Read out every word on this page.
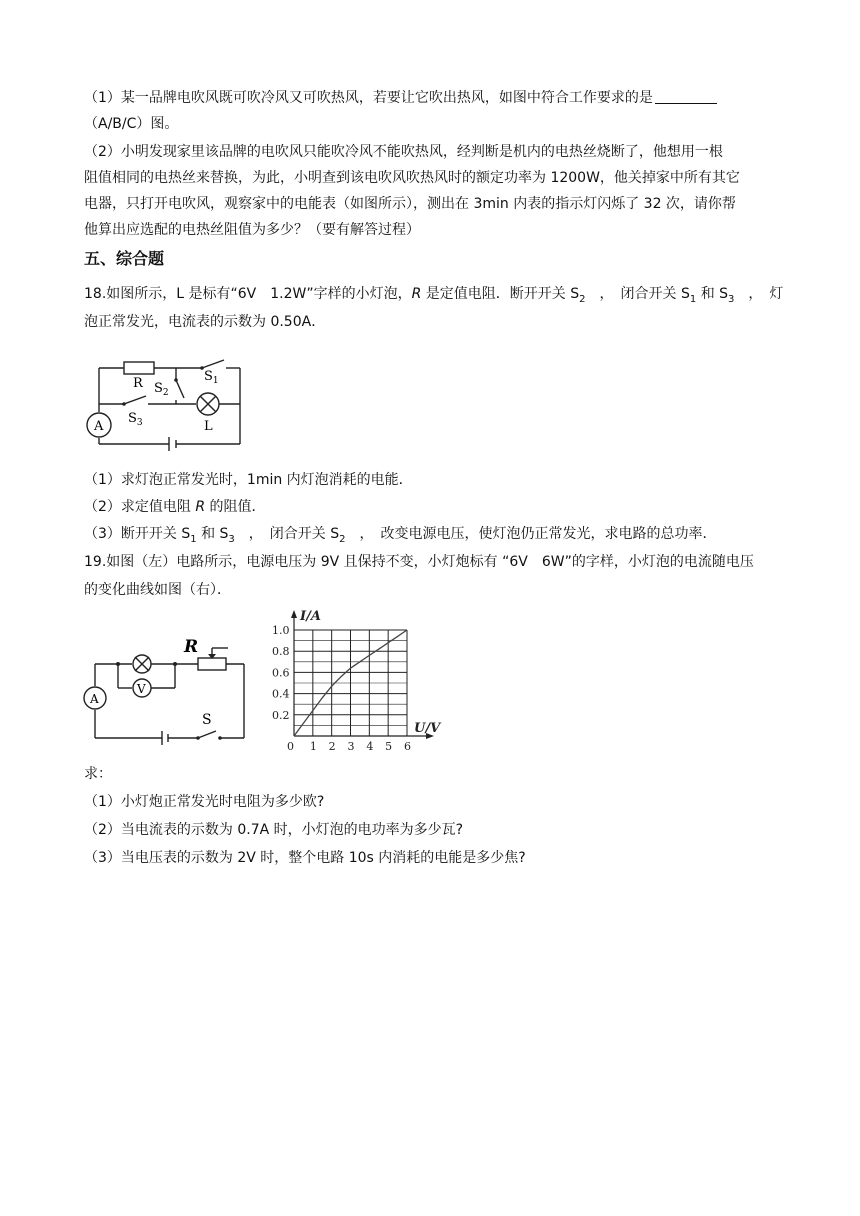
（1）某一品牌电吹风既可吹冷风又可吹热风，若要让它吹出热风，如图中符合工作要求的是
（A/B/C）图。
（2）小明发现家里该品牌的电吹风只能吹冷风不能吹热风，经判断是机内的电热丝烧断了，他想用一根
阻值相同的电热丝来替换，为此，小明查到该电吹风吹热风时的额定功率为 1200W，他关掉家中所有其它
电器，只打开电吹风，观察家中的电能表（如图所示），测出在 3min 内表的指示灯闪烁了 32 次，请你帮
他算出应选配的电热丝阻值为多少？（要有解答过程）
五、综合题
18.如图所示，L 是标有“6V　1.2W”字样的小灯泡，R 是定值电阻．断开开关 $S_2$　，　闭合开关 $S_1$ 和 $S_3$　，　灯
泡正常发光，电流表的示数为 0.50A．
R $S_2$
$S_1$
$S_3$	L
A
（1）求灯泡正常发光时，1min 内灯泡消耗的电能．
（2）求定值电阻 R 的阻值．
（3）断开开关 $S_1$ 和 $S_3$　，　闭合开关 $S_2$　，　改变电源电压，使灯泡仍正常发光，求电路的总功率．
19.如图（左）电路所示，电源电压为 9V 且保持不变，小灯炮标有 “6V　6W”的字样，小灯泡的电流随电压
的变化曲线如图（右）．
R
A
V
S
0 1 2 3 4 5 6
0.2
0.4
0.6
0.8
1.0
I/A
U/V
求：
（1）小灯炮正常发光时电阻为多少欧?
（2）当电流表的示数为 0.7A 时，小灯泡的电功率为多少瓦?
（3）当电压表的示数为 2V 时，整个电路 10s 内消耗的电能是多少焦?
